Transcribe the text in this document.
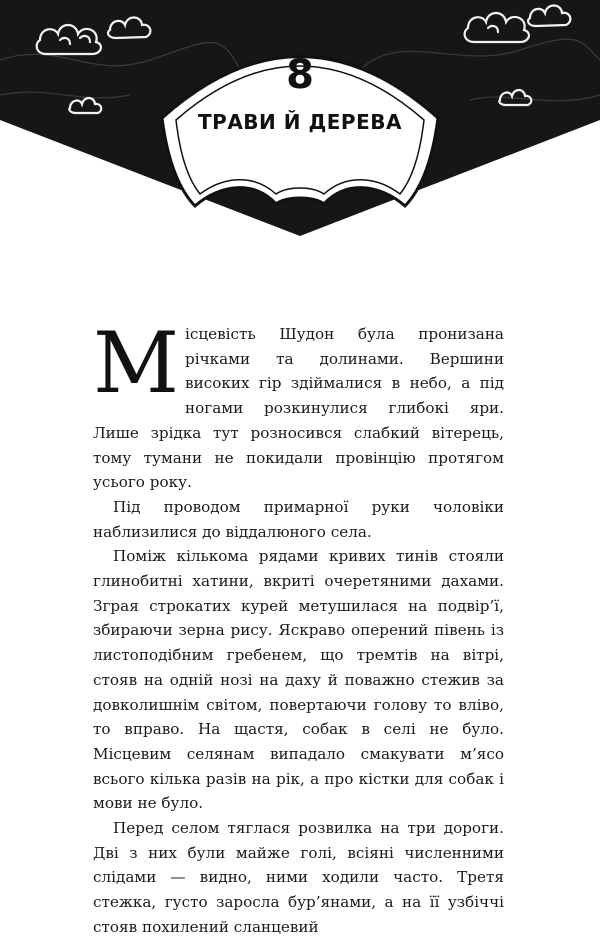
8
ТРАВИ Й ДЕРЕВА

Місцевість Шудон була пронизана річками та долинами. Вершини високих гір здіймалися в небо, а під ногами розкинулися глибокі яри. Лише зрідка тут розносився слабкий вітерець, тому тумани не покидали провінцію протягом усього року.

Під проводом примарної руки чоловіки наблизилися до віддалюного села.

Поміж кількома рядами кривих тинів стояли глинобитні хатини, вкриті очеретяними дахами. Зграя строкатих курей метушилася на подвір’ї, збираючи зерна рису. Яскраво оперений півень із листоподібним гребенем, що тремтів на вітрі, стояв на одній нозі на даху й поважно стежив за довколишнім світом, повертаючи голову то вліво, то вправо. На щастя, собак в селі не було. Місцевим селянам випадало смакувати м’ясо всього кілька разів на рік, а про кістки для собак і мови не було.

Перед селом тяглася розвилка на три дороги. Дві з них були майже голі, всіяні численними слідами — видно, ними ходили часто. Третя стежка, густо заросла бур’янами, а на її узбіччі стояв похилений сланцевий
